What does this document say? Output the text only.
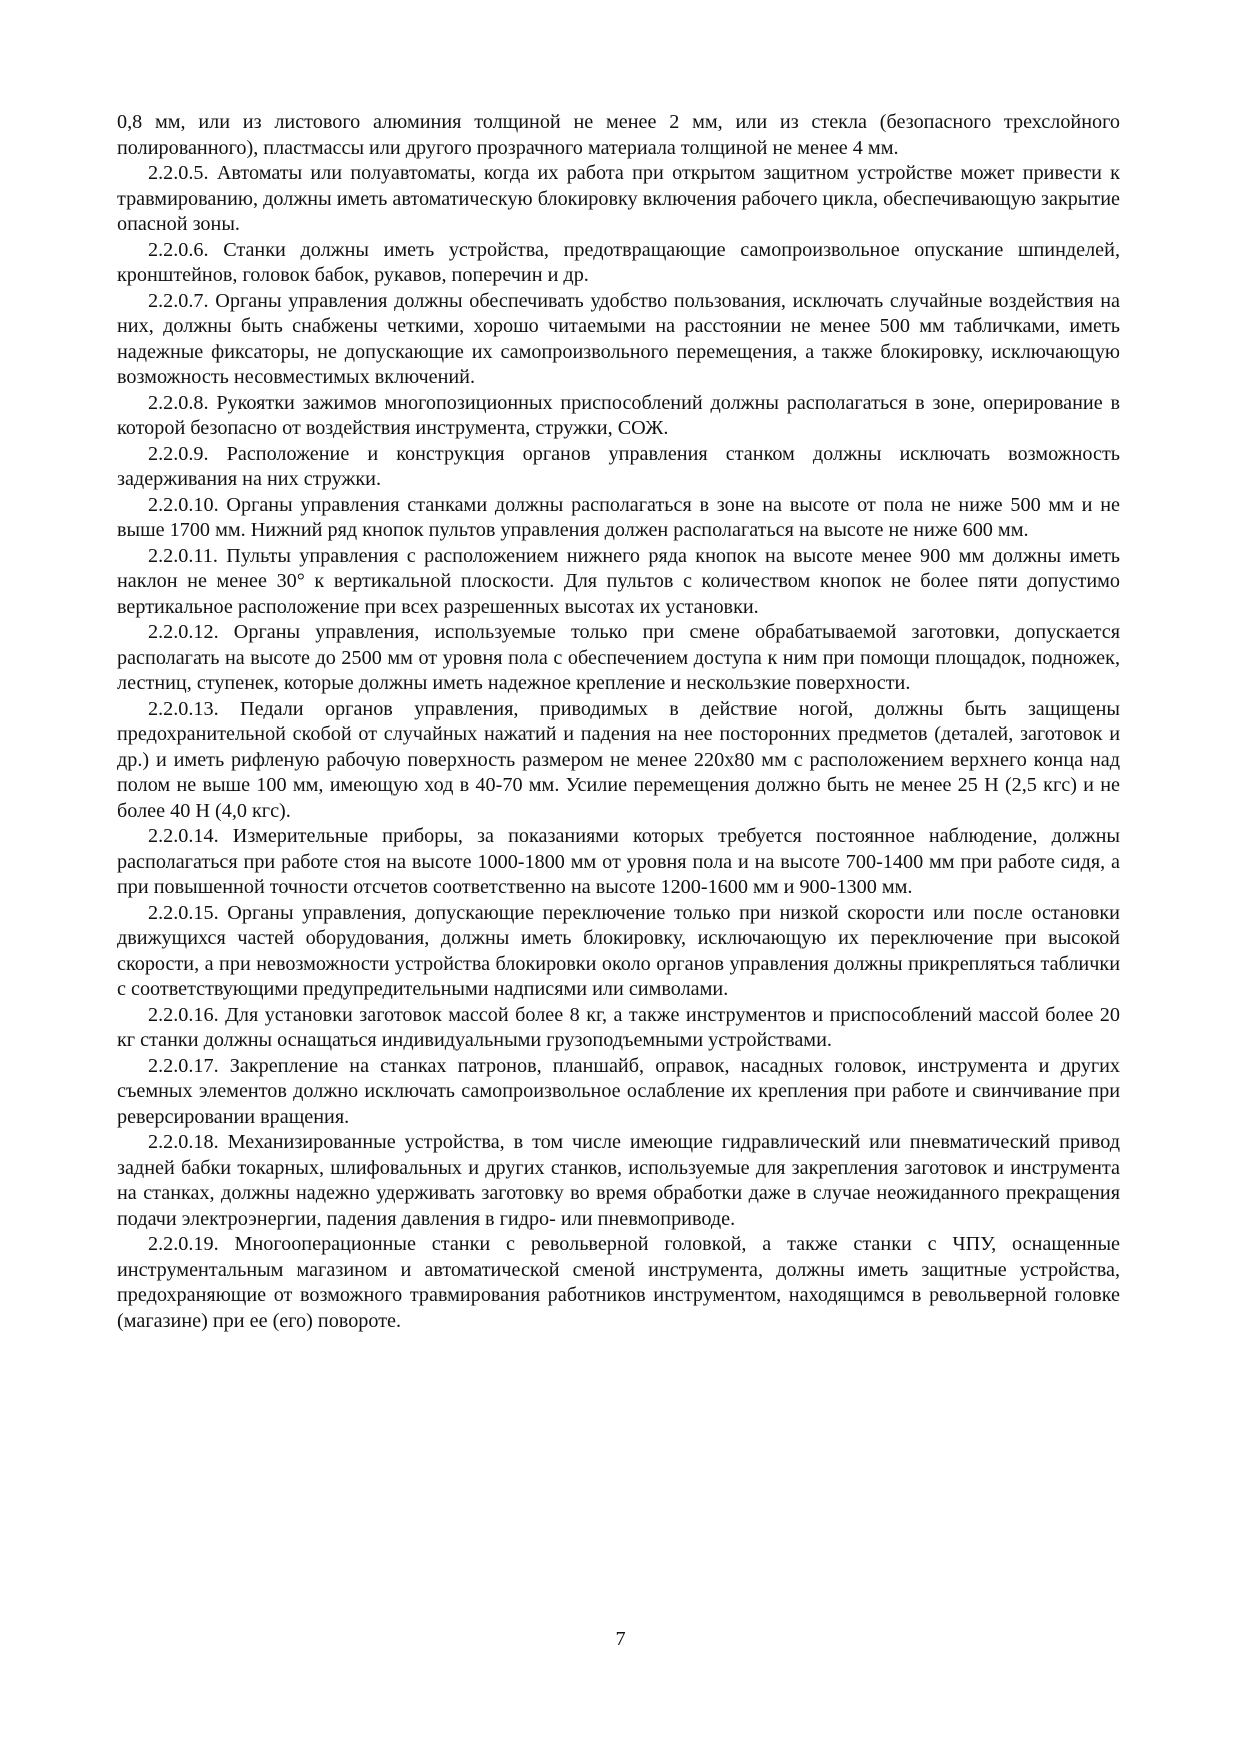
0,8 мм, или из листового алюминия толщиной не менее 2 мм, или из стекла (безопасного трехслойного полированного), пластмассы или другого прозрачного материала толщиной не менее 4 мм.

2.2.0.5. Автоматы или полуавтоматы, когда их работа при открытом защитном устройстве может привести к травмированию, должны иметь автоматическую блокировку включения рабочего цикла, обеспечивающую закрытие опасной зоны.

2.2.0.6. Станки должны иметь устройства, предотвращающие самопроизвольное опускание шпинделей, кронштейнов, головок бабок, рукавов, поперечин и др.

2.2.0.7. Органы управления должны обеспечивать удобство пользования, исключать случайные воздействия на них, должны быть снабжены четкими, хорошо читаемыми на расстоянии не менее 500 мм табличками, иметь надежные фиксаторы, не допускающие их самопроизвольного перемещения, а также блокировку, исключающую возможность несовместимых включений.

2.2.0.8. Рукоятки зажимов многопозиционных приспособлений должны располагаться в зоне, оперирование в которой безопасно от воздействия инструмента, стружки, СОЖ.

2.2.0.9. Расположение и конструкция органов управления станком должны исключать возможность задерживания на них стружки.

2.2.0.10. Органы управления станками должны располагаться в зоне на высоте от пола не ниже 500 мм и не выше 1700 мм. Нижний ряд кнопок пультов управления должен располагаться на высоте не ниже 600 мм.

2.2.0.11. Пульты управления с расположением нижнего ряда кнопок на высоте менее 900 мм должны иметь наклон не менее 30° к вертикальной плоскости. Для пультов с количеством кнопок не более пяти допустимо вертикальное расположение при всех разрешенных высотах их установки.

2.2.0.12. Органы управления, используемые только при смене обрабатываемой заготовки, допускается располагать на высоте до 2500 мм от уровня пола с обеспечением доступа к ним при помощи площадок, подножек, лестниц, ступенек, которые должны иметь надежное крепление и нескользкие поверхности.

2.2.0.13. Педали органов управления, приводимых в действие ногой, должны быть защищены предохранительной скобой от случайных нажатий и падения на нее посторонних предметов (деталей, заготовок и др.) и иметь рифленую рабочую поверхность размером не менее 220x80 мм с расположением верхнего конца над полом не выше 100 мм, имеющую ход в 40-70 мм. Усилие перемещения должно быть не менее 25 Н (2,5 кгс) и не более 40 Н (4,0 кгс).

2.2.0.14. Измерительные приборы, за показаниями которых требуется постоянное наблюдение, должны располагаться при работе стоя на высоте 1000-1800 мм от уровня пола и на высоте 700-1400 мм при работе сидя, а при повышенной точности отсчетов соответственно на высоте 1200-1600 мм и 900-1300 мм.

2.2.0.15. Органы управления, допускающие переключение только при низкой скорости или после остановки движущихся частей оборудования, должны иметь блокировку, исключающую их переключение при высокой скорости, а при невозможности устройства блокировки около органов управления должны прикрепляться таблички с соответствующими предупредительными надписями или символами.

2.2.0.16. Для установки заготовок массой более 8 кг, а также инструментов и приспособлений массой более 20 кг станки должны оснащаться индивидуальными грузоподъемными устройствами.

2.2.0.17. Закрепление на станках патронов, планшайб, оправок, насадных головок, инструмента и других съемных элементов должно исключать самопроизвольное ослабление их крепления при работе и свинчивание при реверсировании вращения.

2.2.0.18. Механизированные устройства, в том числе имеющие гидравлический или пневматический привод задней бабки токарных, шлифовальных и других станков, используемые для закрепления заготовок и инструмента на станках, должны надежно удерживать заготовку во время обработки даже в случае неожиданного прекращения подачи электроэнергии, падения давления в гидро- или пневмоприводе.

2.2.0.19. Многооперационные станки с револьверной головкой, а также станки с ЧПУ, оснащенные инструментальным магазином и автоматической сменой инструмента, должны иметь защитные устройства, предохраняющие от возможного травмирования работников инструментом, находящимся в револьверной головке (магазине) при ее (его) повороте.

7
